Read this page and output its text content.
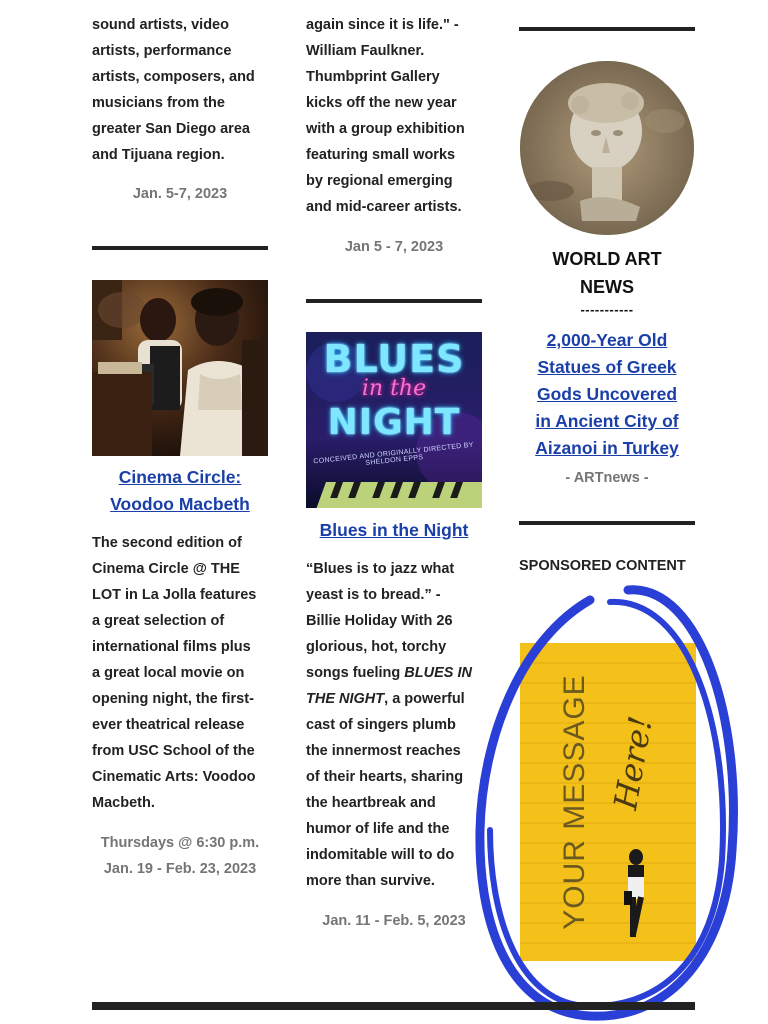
sound artists, video
artists, performance
artists, composers, and
musicians from the
greater San Diego area
and Tijuana region.
Jan. 5-7, 2023
Cinema Circle:
Voodoo Macbeth
The second edition of
Cinema Circle @ THE
LOT in La Jolla features
a great selection of
international films plus
a great local movie on
opening night, the first-
ever theatrical release
from USC School of the
Cinematic Arts: Voodoo
Macbeth.
Thursdays @ 6:30 p.m.
Jan. 19 - Feb. 23, 2023
again since it is life." -
William Faulkner.
Thumbprint Gallery
kicks off the new year
with a group exhibition
featuring small works
by regional emerging
and mid-career artists.
Jan 5 - 7, 2023
BLUES
in the
NIGHT
CONCEIVED AND ORIGINALLY DIRECTED BY SHELDON EPPS
Blues in the Night
“Blues is to jazz what
yeast is to bread.” -
Billie Holiday With 26
glorious, hot, torchy
songs fueling BLUES IN
THE NIGHT, a powerful
cast of singers plumb
the innermost reaches
of their hearts, sharing
the heartbreak and
humor of life and the
indomitable will to do
more than survive.
Jan. 11 - Feb. 5, 2023
WORLD ART
NEWS
-----------
2,000-Year Old
Statues of Greek
Gods Uncovered
in Ancient City of
Aizanoi in Turkey
- ARTnews -
SPONSORED CONTENT
YOUR MESSAGE Here!
